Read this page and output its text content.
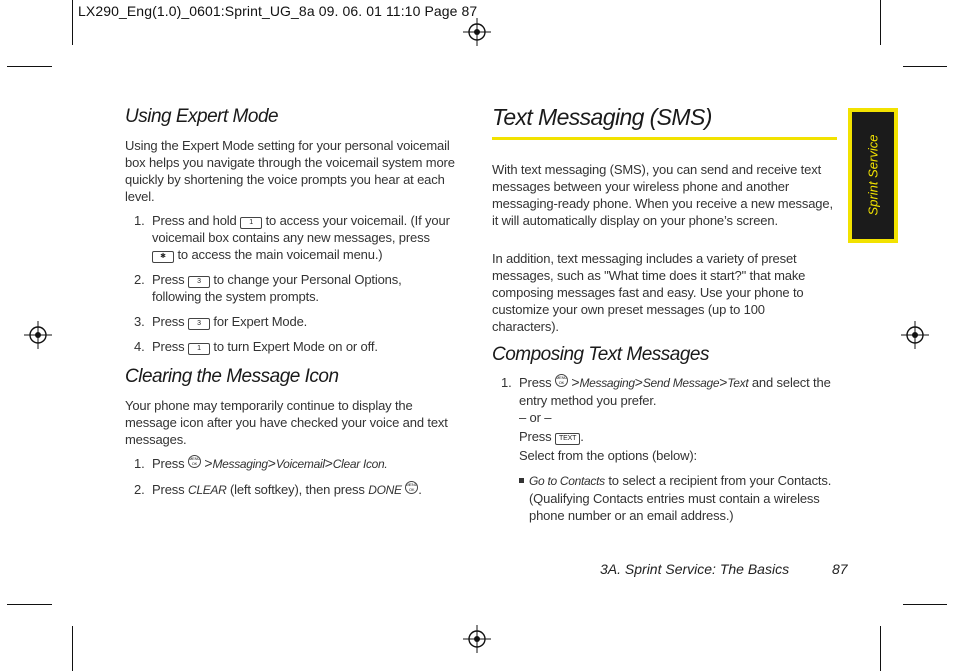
LX290_Eng(1.0)_0601:Sprint_UG_8a 09. 06. 01 11:10 Page 87
Sprint Service
Using Expert Mode

Using the Expert Mode setting for your personal voicemail box helps you navigate through the voicemail system more quickly by shortening the voice prompts you hear at each level.

1. Press and hold 1 to access your voicemail. (If your voicemail box contains any new messages, press ✱ to access the main voicemail menu.)
2. Press 3 to change your Personal Options, following the system prompts.
3. Press 3 for Expert Mode.
4. Press 1 to turn Expert Mode on or off.
Clearing the Message Icon

Your phone may temporarily continue to display the message icon after you have checked your voice and text messages.

1. Press MENU OK >Messaging>Voicemail>Clear Icon.
2. Press CLEAR (left softkey), then press DONE MENU OK .
Text Messaging (SMS)

With text messaging (SMS), you can send and receive text messages between your wireless phone and another messaging-ready phone. When you receive a new message, it will automatically display on your phone’s screen.

In addition, text messaging includes a variety of preset messages, such as "What time does it start?" that make composing messages fast and easy. Use your phone to customize your own preset messages (up to 100 characters).

Composing Text Messages
1. Press MENU OK >Messaging>Send Message>Text and select the entry method you prefer.
– or –
Press TEXT .
Select from the options (below):
Go to Contacts to select a recipient from your Contacts. (Qualifying Contacts entries must contain a wireless phone number or an email address.)
3A. Sprint Service: The Basics	87
